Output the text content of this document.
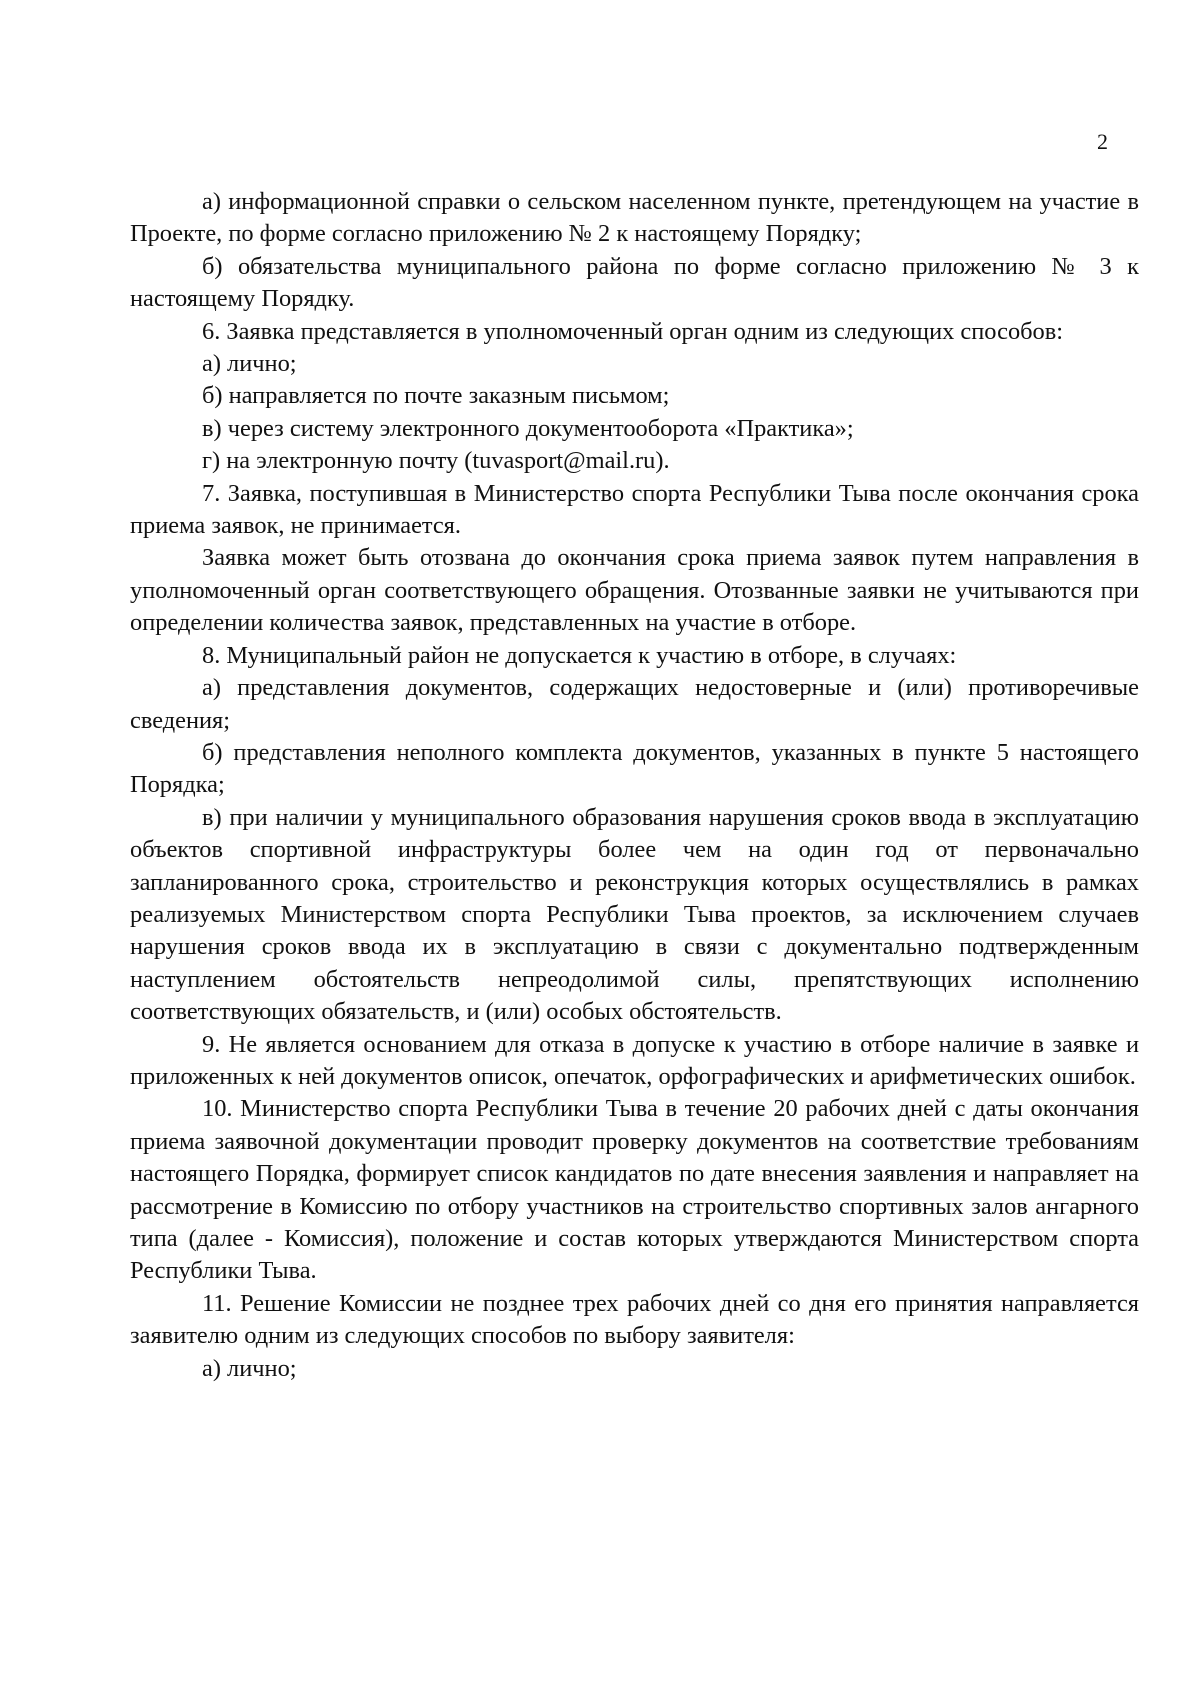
2

а) информационной справки о сельском населенном пункте, претендующем на участие в Проекте, по форме согласно приложению № 2 к настоящему Порядку;

б) обязательства муниципального района по форме согласно приложению № 3 к настоящему Порядку.

6. Заявка представляется в уполномоченный орган одним из следующих способов:

а) лично;

б) направляется по почте заказным письмом;

в) через систему электронного документооборота «Практика»;

г) на электронную почту (tuvasport@mail.ru).

7. Заявка, поступившая в Министерство спорта Республики Тыва после окончания срока приема заявок, не принимается.

Заявка может быть отозвана до окончания срока приема заявок путем направления в уполномоченный орган соответствующего обращения. Отозванные заявки не учитываются при определении количества заявок, представленных на участие в отборе.

8. Муниципальный район не допускается к участию в отборе, в случаях:

а) представления документов, содержащих недостоверные и (или) противоречивые сведения;

б) представления неполного комплекта документов, указанных в пункте 5 настоящего Порядка;

в) при наличии у муниципального образования нарушения сроков ввода в эксплуатацию объектов спортивной инфраструктуры более чем на один год от первоначально запланированного срока, строительство и реконструкция которых осуществлялись в рамках реализуемых Министерством спорта Республики Тыва проектов, за исключением случаев нарушения сроков ввода их в эксплуатацию в связи с документально подтвержденным наступлением обстоятельств непреодолимой силы, препятствующих исполнению соответствующих обязательств, и (или) особых обстоятельств.

9. Не является основанием для отказа в допуске к участию в отборе наличие в заявке и приложенных к ней документов описок, опечаток, орфографических и арифметических ошибок.

10. Министерство спорта Республики Тыва в течение 20 рабочих дней с даты окончания приема заявочной документации проводит проверку документов на соответствие требованиям настоящего Порядка, формирует список кандидатов по дате внесения заявления и направляет на рассмотрение в Комиссию по отбору участников на строительство спортивных залов ангарного типа (далее - Комиссия), положение и состав которых утверждаются Министерством спорта Республики Тыва.

11. Решение Комиссии не позднее трех рабочих дней со дня его принятия направляется заявителю одним из следующих способов по выбору заявителя:

а) лично;
